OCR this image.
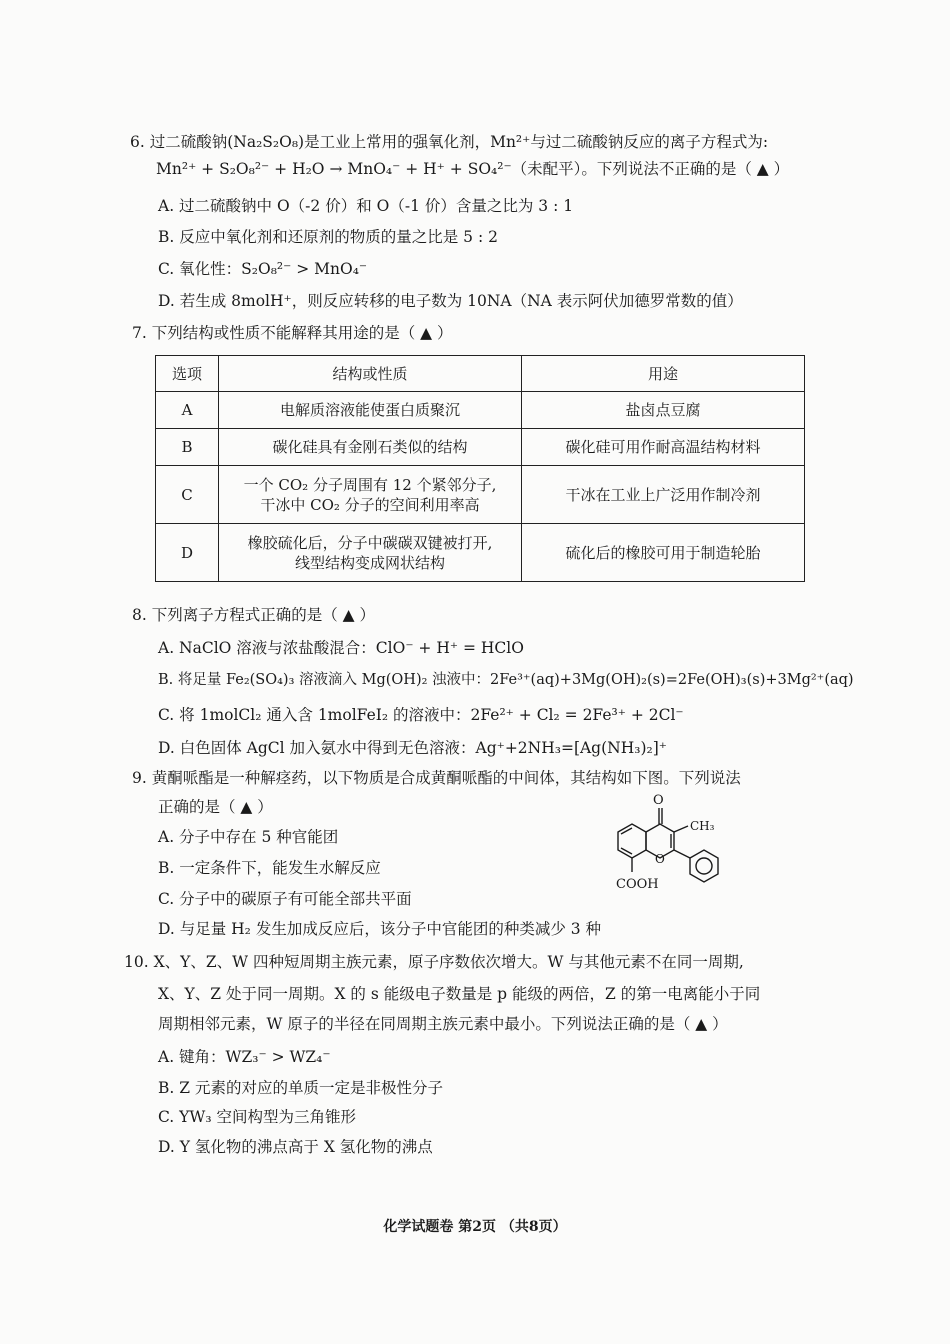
6. 过二硫酸钠(Na₂S₂O₈)是工业上常用的强氧化剂，Mn²⁺与过二硫酸钠反应的离子方程式为:
Mn²⁺ + S₂O₈²⁻ + H₂O → MnO₄⁻ + H⁺ + SO₄²⁻（未配平）。下列说法不正确的是（ ▲ ）
A. 过二硫酸钠中 O（-2 价）和 O（-1 价）含量之比为 3 : 1
B. 反应中氧化剂和还原剂的物质的量之比是 5 : 2
C. 氧化性：S₂O₈²⁻ > MnO₄⁻
D. 若生成 8molH⁺，则反应转移的电子数为 10NA（NA 表示阿伏加德罗常数的值）
7. 下列结构或性质不能解释其用途的是（ ▲ ）
选项	结构或性质	用途
A	电解质溶液能使蛋白质聚沉	盐卤点豆腐
B	碳化硅具有金刚石类似的结构	碳化硅可用作耐高温结构材料
C	一个 CO₂ 分子周围有 12 个紧邻分子,
干冰中 CO₂ 分子的空间利用率高	干冰在工业上广泛用作制冷剂
D	橡胶硫化后，分子中碳碳双键被打开,
线型结构变成网状结构	硫化后的橡胶可用于制造轮胎
8. 下列离子方程式正确的是（ ▲ ）
A. NaClO 溶液与浓盐酸混合：ClO⁻ + H⁺ = HClO
B. 将足量 Fe₂(SO₄)₃ 溶液滴入 Mg(OH)₂ 浊液中：2Fe³⁺(aq)+3Mg(OH)₂(s)=2Fe(OH)₃(s)+3Mg²⁺(aq)
C. 将 1molCl₂ 通入含 1molFeI₂ 的溶液中：2Fe²⁺ + Cl₂ = 2Fe³⁺ + 2Cl⁻
D. 白色固体 AgCl 加入氨水中得到无色溶液：Ag⁺+2NH₃=[Ag(NH₃)₂]⁺
9. 黄酮哌酯是一种解痉药，以下物质是合成黄酮哌酯的中间体，其结构如下图。下列说法
正确的是（ ▲ ）
A. 分子中存在 5 种官能团
B. 一定条件下，能发生水解反应
C. 分子中的碳原子有可能全部共平面
D. 与足量 H₂ 发生加成反应后，该分子中官能团的种类减少 3 种
O
CH₃
O
COOH
10. X、Y、Z、W 四种短周期主族元素，原子序数依次增大。W 与其他元素不在同一周期,
X、Y、Z 处于同一周期。X 的 s 能级电子数量是 p 能级的两倍，Z 的第一电离能小于同
周期相邻元素，W 原子的半径在同周期主族元素中最小。下列说法正确的是（ ▲ ）
A. 键角：WZ₃⁻ > WZ₄⁻
B. Z 元素的对应的单质一定是非极性分子
C. YW₃ 空间构型为三角锥形
D. Y 氢化物的沸点高于 X 氢化物的沸点
化学试题卷 第2页 （共8页）
